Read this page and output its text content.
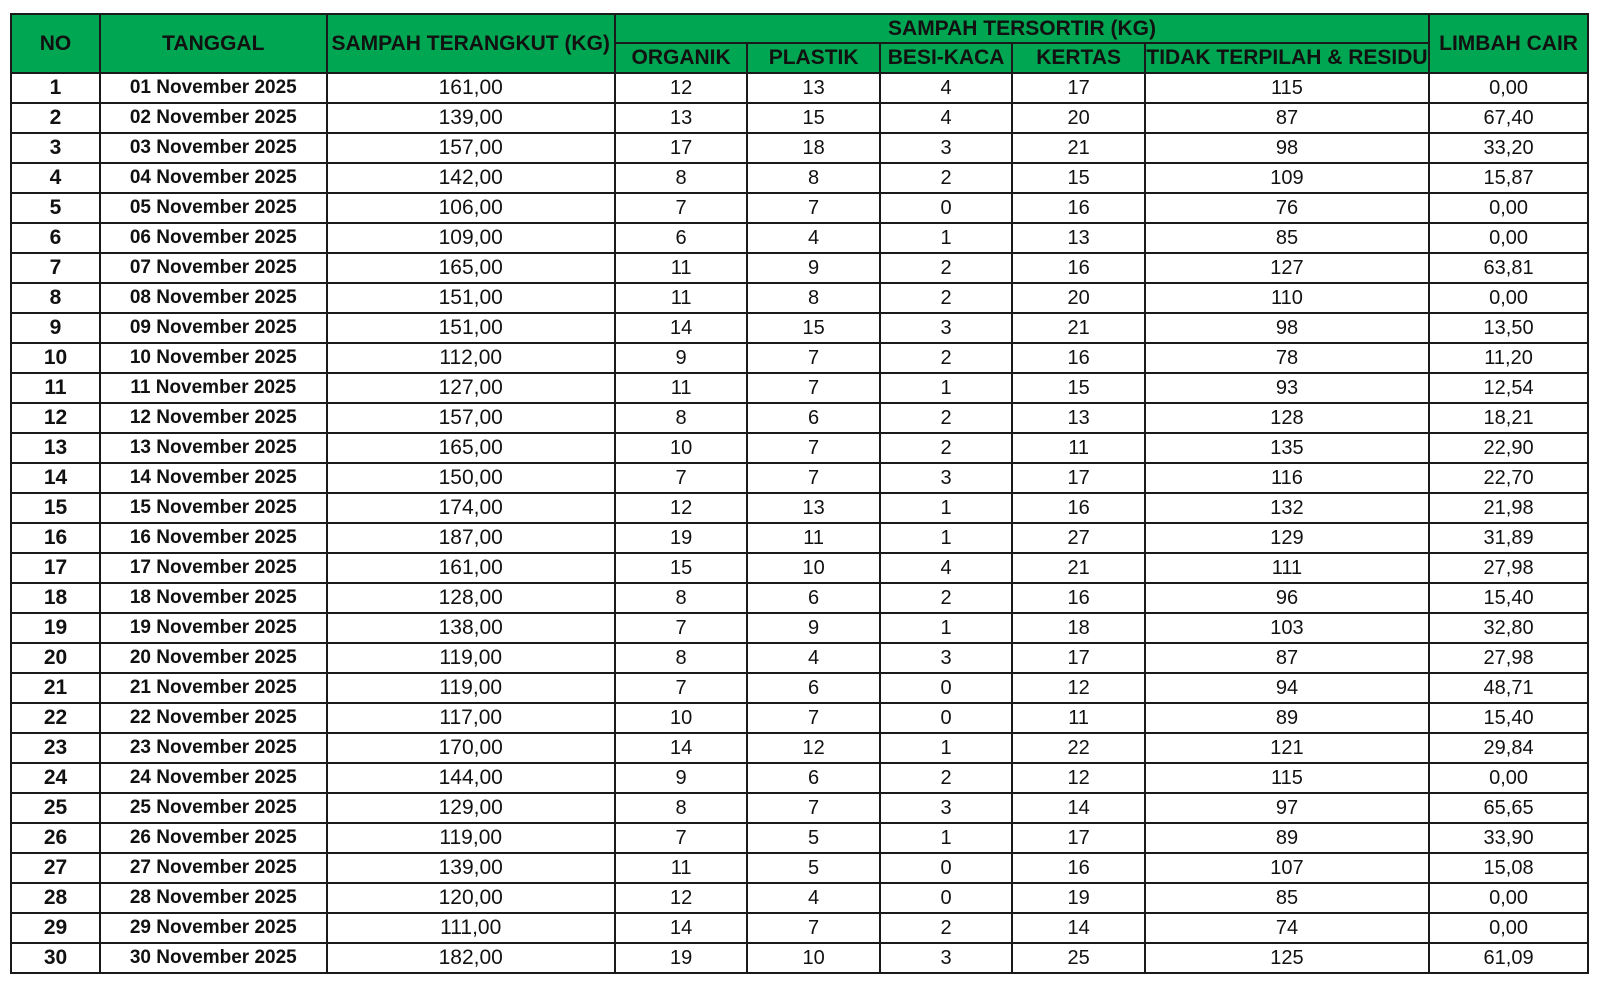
NO	TANGGAL	SAMPAH TERANGKUT (KG)	SAMPAH TERSORTIR (KG)					LIMBAH CAIR
			ORGANIK	PLASTIK	BESI-KACA	KERTAS	TIDAK TERPILAH & RESIDU	
1	01 November 2025	161,00	12	13	4	17	115	0,00
2	02 November 2025	139,00	13	15	4	20	87	67,40
3	03 November 2025	157,00	17	18	3	21	98	33,20
4	04 November 2025	142,00	8	8	2	15	109	15,87
5	05 November 2025	106,00	7	7	0	16	76	0,00
6	06 November 2025	109,00	6	4	1	13	85	0,00
7	07 November 2025	165,00	11	9	2	16	127	63,81
8	08 November 2025	151,00	11	8	2	20	110	0,00
9	09 November 2025	151,00	14	15	3	21	98	13,50
10	10 November 2025	112,00	9	7	2	16	78	11,20
11	11 November 2025	127,00	11	7	1	15	93	12,54
12	12 November 2025	157,00	8	6	2	13	128	18,21
13	13 November 2025	165,00	10	7	2	11	135	22,90
14	14 November 2025	150,00	7	7	3	17	116	22,70
15	15 November 2025	174,00	12	13	1	16	132	21,98
16	16 November 2025	187,00	19	11	1	27	129	31,89
17	17 November 2025	161,00	15	10	4	21	111	27,98
18	18 November 2025	128,00	8	6	2	16	96	15,40
19	19 November 2025	138,00	7	9	1	18	103	32,80
20	20 November 2025	119,00	8	4	3	17	87	27,98
21	21 November 2025	119,00	7	6	0	12	94	48,71
22	22 November 2025	117,00	10	7	0	11	89	15,40
23	23 November 2025	170,00	14	12	1	22	121	29,84
24	24 November 2025	144,00	9	6	2	12	115	0,00
25	25 November 2025	129,00	8	7	3	14	97	65,65
26	26 November 2025	119,00	7	5	1	17	89	33,90
27	27 November 2025	139,00	11	5	0	16	107	15,08
28	28 November 2025	120,00	12	4	0	19	85	0,00
29	29 November 2025	111,00	14	7	2	14	74	0,00
30	30 November 2025	182,00	19	10	3	25	125	61,09
